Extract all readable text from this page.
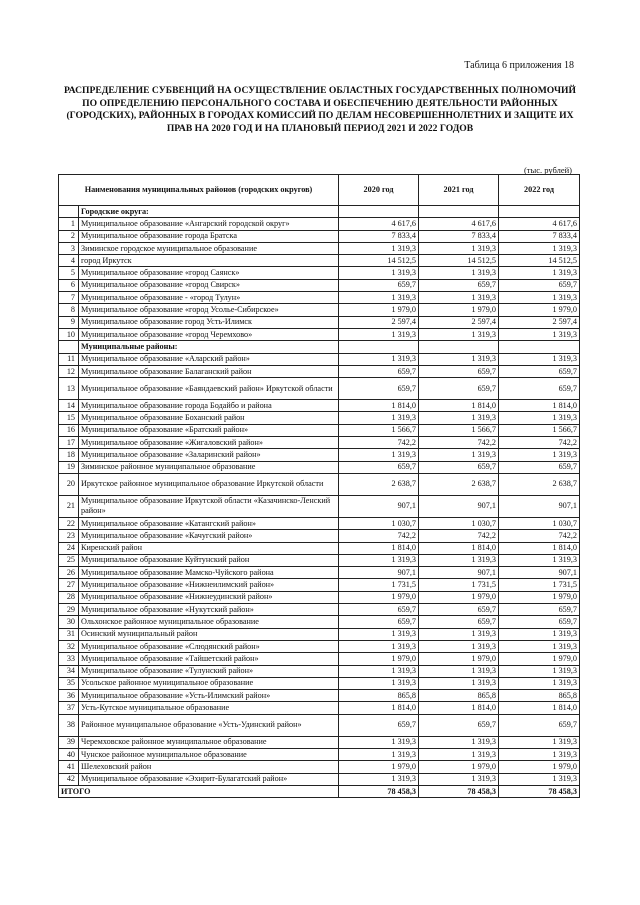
Таблица 6 приложения 18
РАСПРЕДЕЛЕНИЕ СУБВЕНЦИЙ НА ОСУЩЕСТВЛЕНИЕ ОБЛАСТНЫХ ГОСУДАРСТВЕННЫХ ПОЛНОМОЧИЙ ПО ОПРЕДЕЛЕНИЮ ПЕРСОНАЛЬНОГО СОСТАВА И ОБЕСПЕЧЕНИЮ ДЕЯТЕЛЬНОСТИ РАЙОННЫХ (ГОРОДСКИХ), РАЙОННЫХ В ГОРОДАХ КОМИССИЙ ПО ДЕЛАМ НЕСОВЕРШЕННОЛЕТНИХ И ЗАЩИТЕ ИХ ПРАВ НА 2020 ГОД И НА ПЛАНОВЫЙ ПЕРИОД 2021 И 2022 ГОДОВ
(тыс. рублей)
Наименования муниципальных районов (городских округов)		2020 год	2021 год	2022 год
	Городские округа:			
1	Муниципальное образование «Ангарский городской округ»	4 617,6	4 617,6	4 617,6
2	Муниципальное образование города Братска	7 833,4	7 833,4	7 833,4
3	Зиминское городское муниципальное образование	1 319,3	1 319,3	1 319,3
4	город Иркутск	14 512,5	14 512,5	14 512,5
5	Муниципальное образование «город Саянск»	1 319,3	1 319,3	1 319,3
6	Муниципальное образование «город Свирск»	659,7	659,7	659,7
7	Муниципальное образование - «город Тулун»	1 319,3	1 319,3	1 319,3
8	Муниципальное образование «город Усолье-Сибирское»	1 979,0	1 979,0	1 979,0
9	Муниципальное образование город Усть-Илимск	2 597,4	2 597,4	2 597,4
10	Муниципальное образование «город Черемхово»	1 319,3	1 319,3	1 319,3
	Муниципальные районы:			
11	Муниципальное образование «Аларский район»	1 319,3	1 319,3	1 319,3
12	Муниципальное образование Балаганский район	659,7	659,7	659,7
13	Муниципальное образование «Баяндаевский район» Иркутской области	659,7	659,7	659,7
14	Муниципальное образование города Бодайбо и района	1 814,0	1 814,0	1 814,0
15	Муниципальное образование Боханский район	1 319,3	1 319,3	1 319,3
16	Муниципальное образование «Братский район»	1 566,7	1 566,7	1 566,7
17	Муниципальное образование «Жигаловский район»	742,2	742,2	742,2
18	Муниципальное образование «Заларинский район»	1 319,3	1 319,3	1 319,3
19	Зиминское районное муниципальное образование	659,7	659,7	659,7
20	Иркутское районное муниципальное образование Иркутской области	2 638,7	2 638,7	2 638,7
21	Муниципальное образование Иркутской области «Казачинско-Ленский район»	907,1	907,1	907,1
22	Муниципальное образование «Катангский район»	1 030,7	1 030,7	1 030,7
23	Муниципальное образование «Качугский район»	742,2	742,2	742,2
24	Киренский район	1 814,0	1 814,0	1 814,0
25	Муниципальное образование Куйтунский район	1 319,3	1 319,3	1 319,3
26	Муниципальное образование Мамско-Чуйского района	907,1	907,1	907,1
27	Муниципальное образование «Нижнеилимский район»	1 731,5	1 731,5	1 731,5
28	Муниципальное образование «Нижнеудинский район»	1 979,0	1 979,0	1 979,0
29	Муниципальное образование «Нукутский район»	659,7	659,7	659,7
30	Ольхонское районное муниципальное образование	659,7	659,7	659,7
31	Осинский муниципальный район	1 319,3	1 319,3	1 319,3
32	Муниципальное образование «Слюдянский район»	1 319,3	1 319,3	1 319,3
33	Муниципальное образование «Тайшетский район»	1 979,0	1 979,0	1 979,0
34	Муниципальное образование «Тулунский район»	1 319,3	1 319,3	1 319,3
35	Усольское районное муниципальное образование	1 319,3	1 319,3	1 319,3
36	Муниципальное образование «Усть-Илимский район»	865,8	865,8	865,8
37	Усть-Кутское муниципальное образование	1 814,0	1 814,0	1 814,0
38	Районное муниципальное образование «Усть-Удинский район»	659,7	659,7	659,7
39	Черемховское районное муниципальное образование	1 319,3	1 319,3	1 319,3
40	Чунское районное муниципальное образование	1 319,3	1 319,3	1 319,3
41	Шелеховский район	1 979,0	1 979,0	1 979,0
42	Муниципальное образование «Эхирит-Булагатский район»	1 319,3	1 319,3	1 319,3
ИТОГО		78 458,3	78 458,3	78 458,3
